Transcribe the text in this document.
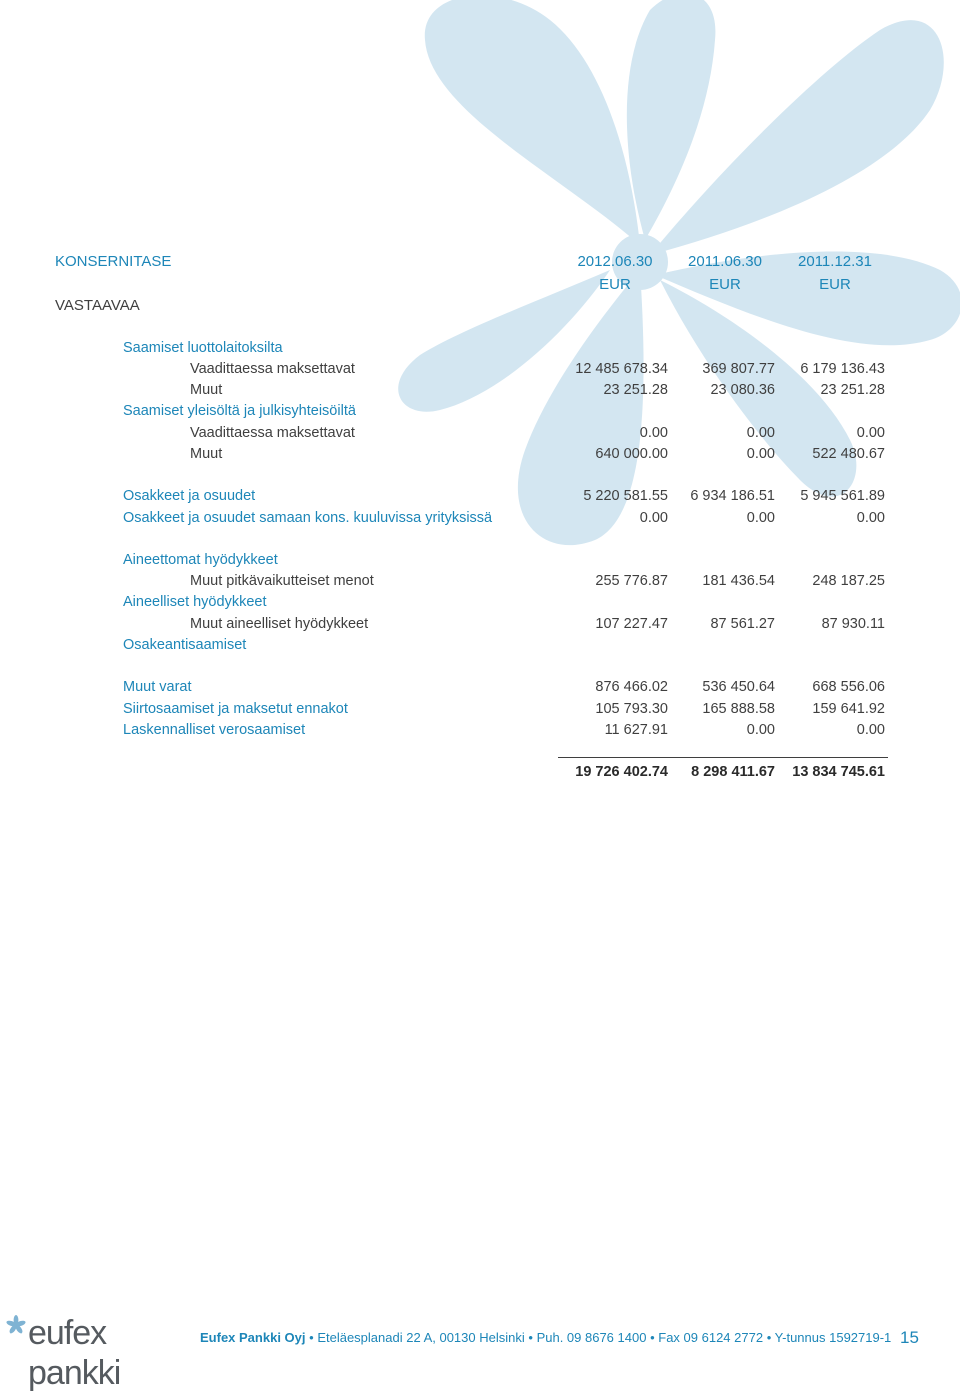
KONSERNITASE	2012.06.30	2011.06.30	2011.12.31
EUR	EUR	EUR
VASTAAVAA
Saamiset luottolaitoksilta
Vaadittaessa maksettavat	12 485 678.34	369 807.77	6 179 136.43
Muut	23 251.28	23 080.36	23 251.28
Saamiset yleisöltä ja julkisyhteisöiltä
Vaadittaessa maksettavat	0.00	0.00	0.00
Muut	640 000.00	0.00	522 480.67
Osakkeet ja osuudet	5 220 581.55	6 934 186.51	5 945 561.89
Osakkeet ja osuudet samaan kons. kuuluvissa yrityksissä	0.00	0.00	0.00
Aineettomat hyödykkeet
Muut pitkävaikutteiset menot	255 776.87	181 436.54	248 187.25
Aineelliset hyödykkeet
Muut aineelliset hyödykkeet	107 227.47	87 561.27	87 930.11
Osakeantisaamiset
Muut varat	876 466.02	536 450.64	668 556.06
Siirtosaamiset ja maksetut ennakot	105 793.30	165 888.58	159 641.92
Laskennalliset verosaamiset	11 627.91	0.00	0.00
19 726 402.74	8 298 411.67	13 834 745.61
eufex pankki
Eufex Pankki Oyj • Eteläesplanadi 22 A, 00130 Helsinki • Puh. 09 8676 1400 • Fax 09 6124 2772 • Y-tunnus 1592719-1 15
